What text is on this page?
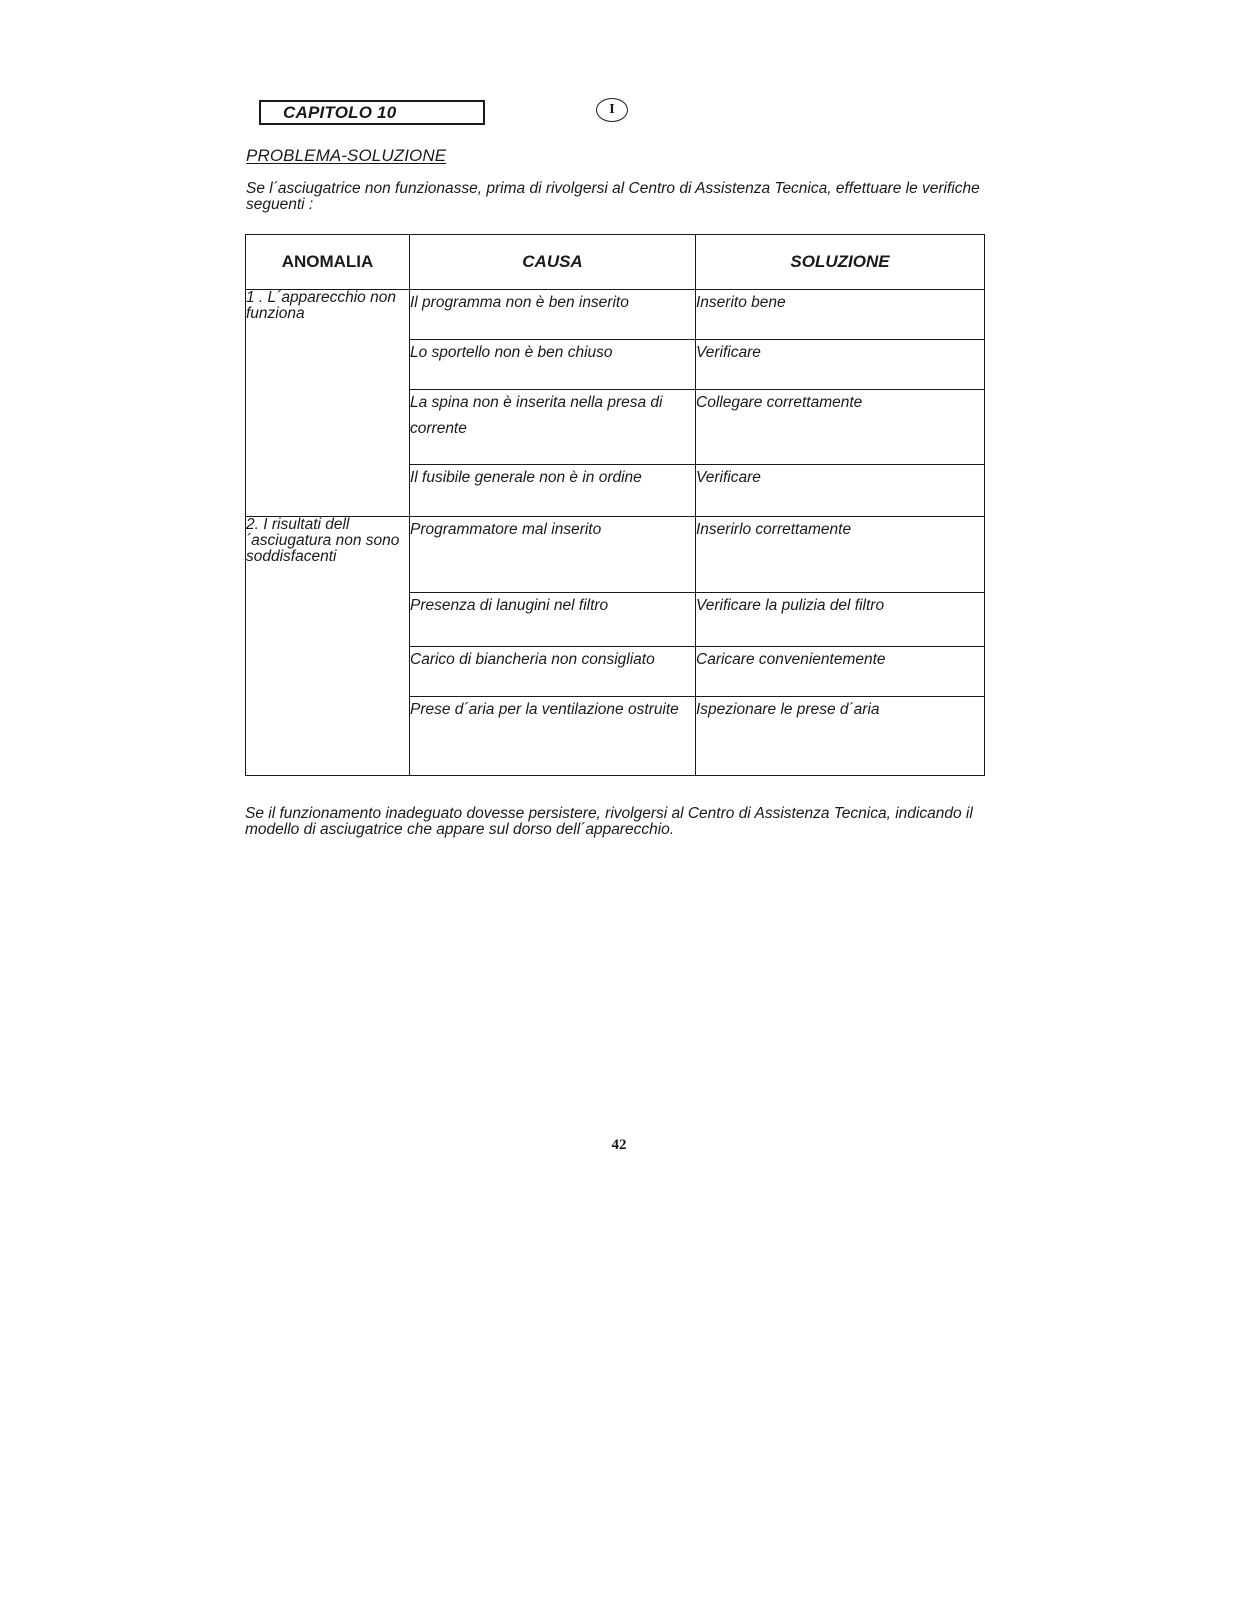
CAPITOLO 10	I
PROBLEMA-SOLUZIONE
Se l´asciugatrice non funzionasse, prima di rivolgersi al Centro di Assistenza Tecnica, effettuare le verifiche seguenti :
ANOMALIA	CAUSA	SOLUZIONE
1 . L´apparecchio non funziona	Il programma non è ben inserito	Inserito bene
	Lo sportello non è ben chiuso	Verificare
	La spina non è inserita nella presa di corrente	Collegare correttamente
	Il fusibile generale non è in ordine	Verificare
2. I risultati dell´asciugatura non sono soddisfacenti	Programmatore mal inserito	Inserirlo correttamente
	Presenza di lanugini nel filtro	Verificare la pulizia del filtro
	Carico di biancheria non consigliato	Caricare convenientemente
	Prese d´aria per la ventilazione ostruite	Ispezionare le prese d´aria
Se il funzionamento inadeguato dovesse persistere, rivolgersi al Centro di Assistenza Tecnica, indicando il modello di asciugatrice che appare sul dorso dell´apparecchio.
42
